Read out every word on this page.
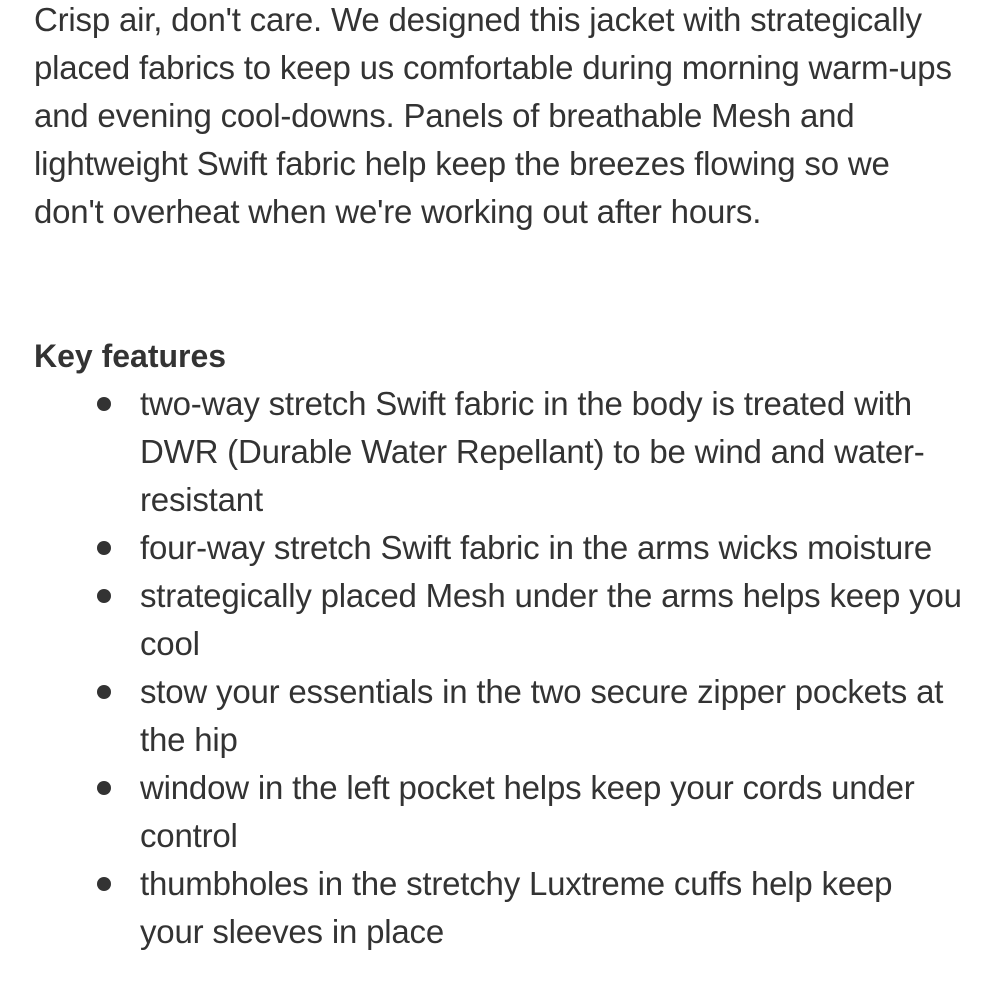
Crisp air, don't care. We designed this jacket with strategically placed fabrics to keep us comfortable during morning warm-ups and evening cool-downs. Panels of breathable Mesh and lightweight Swift fabric help keep the breezes flowing so we don't overheat when we're working out after hours.

Key features
two-way stretch Swift fabric in the body is treated with DWR (Durable Water Repellant) to be wind and water-resistant
four-way stretch Swift fabric in the arms wicks moisture
strategically placed Mesh under the arms helps keep you cool
stow your essentials in the two secure zipper pockets at the hip
window in the left pocket helps keep your cords under control
thumbholes in the stretchy Luxtreme cuffs help keep your sleeves in place
